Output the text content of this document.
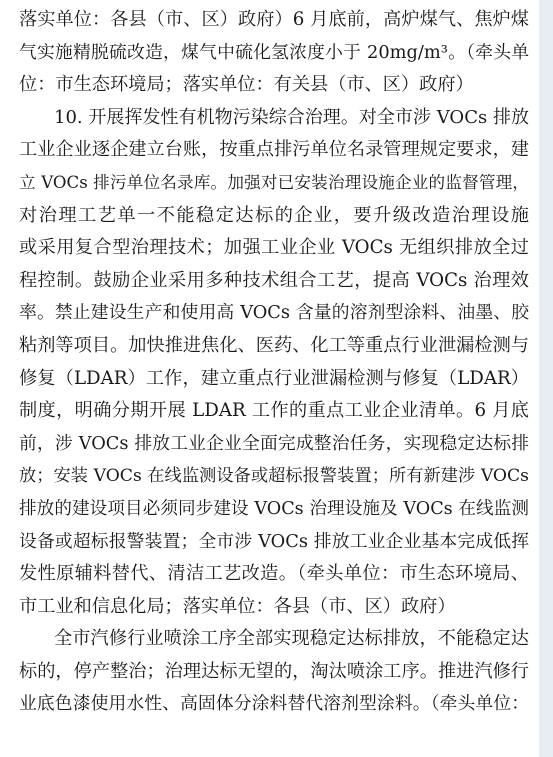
落实单位：各县（市、区）政府）6 月底前，高炉煤气、焦炉煤
气实施精脱硫改造，煤气中硫化氢浓度小于 20mg/m³。（牵头单
位：市生态环境局；落实单位：有关县（市、区）政府）
10. 开展挥发性有机物污染综合治理。对全市涉 VOCs 排放
工业企业逐企建立台账，按重点排污单位名录管理规定要求，建
立 VOCs 排污单位名录库。加强对已安装治理设施企业的监督管理，
对治理工艺单一不能稳定达标的企业，要升级改造治理设施
或采用复合型治理技术；加强工业企业 VOCs 无组织排放全过
程控制。鼓励企业采用多种技术组合工艺，提高 VOCs 治理效
率。禁止建设生产和使用高 VOCs 含量的溶剂型涂料、油墨、胶
粘剂等项目。加快推进焦化、医药、化工等重点行业泄漏检测与
修复（LDAR）工作，建立重点行业泄漏检测与修复（LDAR）
制度，明确分期开展 LDAR 工作的重点工业企业清单。6 月底
前，涉 VOCs 排放工业企业全面完成整治任务，实现稳定达标排
放；安装 VOCs 在线监测设备或超标报警装置；所有新建涉 VOCs
排放的建设项目必须同步建设 VOCs 治理设施及 VOCs 在线监测
设备或超标报警装置；全市涉 VOCs 排放工业企业基本完成低挥
发性原辅料替代、清洁工艺改造。（牵头单位：市生态环境局、
市工业和信息化局；落实单位：各县（市、区）政府）
全市汽修行业喷涂工序全部实现稳定达标排放，不能稳定达
标的，停产整治；治理达标无望的，淘汰喷涂工序。推进汽修行
业底色漆使用水性、高固体分涂料替代溶剂型涂料。（牵头单位：
